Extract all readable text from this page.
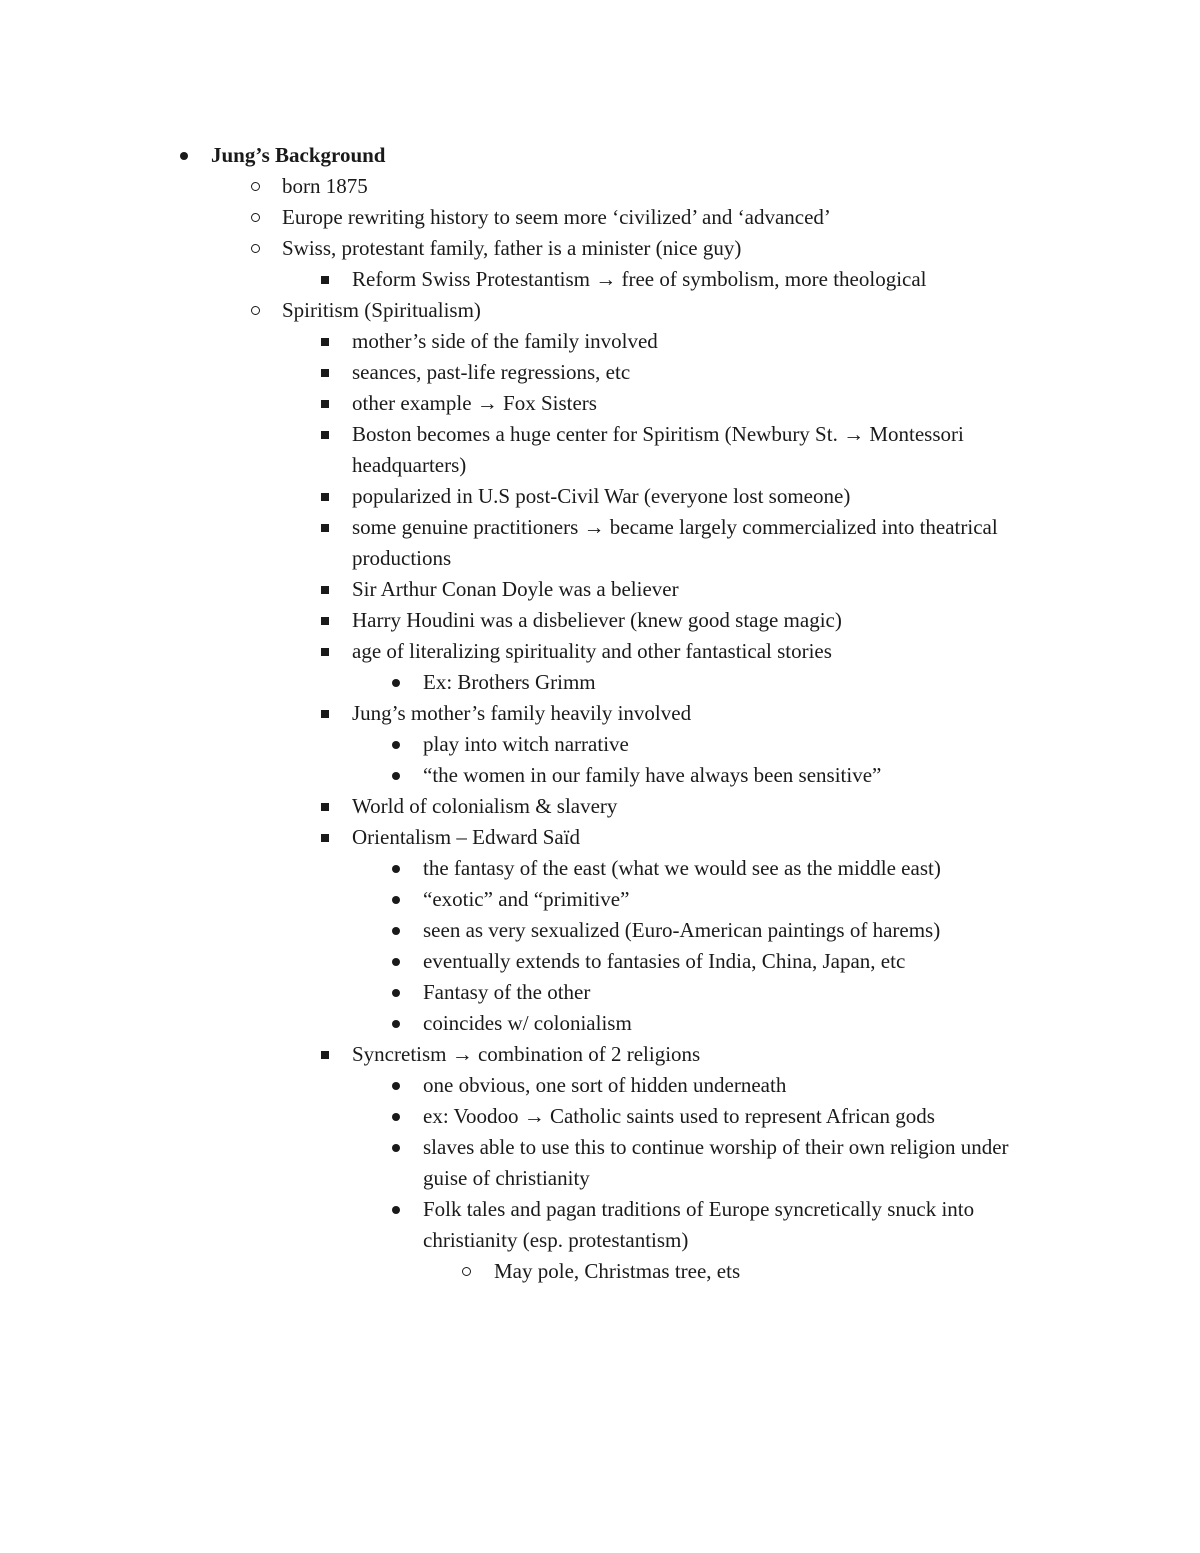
Jung’s Background
born 1875
Europe rewriting history to seem more ‘civilized’ and ‘advanced’
Swiss, protestant family, father is a minister (nice guy)
Reform Swiss Protestantism → free of symbolism, more theological
Spiritism (Spiritualism)
mother’s side of the family involved
seances, past-life regressions, etc
other example → Fox Sisters
Boston becomes a huge center for Spiritism (Newbury St. → Montessori headquarters)
popularized in U.S post-Civil War (everyone lost someone)
some genuine practitioners → became largely commercialized into theatrical productions
Sir Arthur Conan Doyle was a believer
Harry Houdini was a disbeliever (knew good stage magic)
age of literalizing spirituality and other fantastical stories
Ex: Brothers Grimm
Jung’s mother’s family heavily involved
play into witch narrative
“the women in our family have always been sensitive”
World of colonialism & slavery
Orientalism – Edward Saïd
the fantasy of the east (what we would see as the middle east)
“exotic” and “primitive”
seen as very sexualized (Euro-American paintings of harems)
eventually extends to fantasies of India, China, Japan, etc
Fantasy of the other
coincides w/ colonialism
Syncretism → combination of 2 religions
one obvious, one sort of hidden underneath
ex: Voodoo → Catholic saints used to represent African gods
slaves able to use this to continue worship of their own religion under guise of christianity
Folk tales and pagan traditions of Europe syncretically snuck into christianity (esp. protestantism)
May pole, Christmas tree, ets
